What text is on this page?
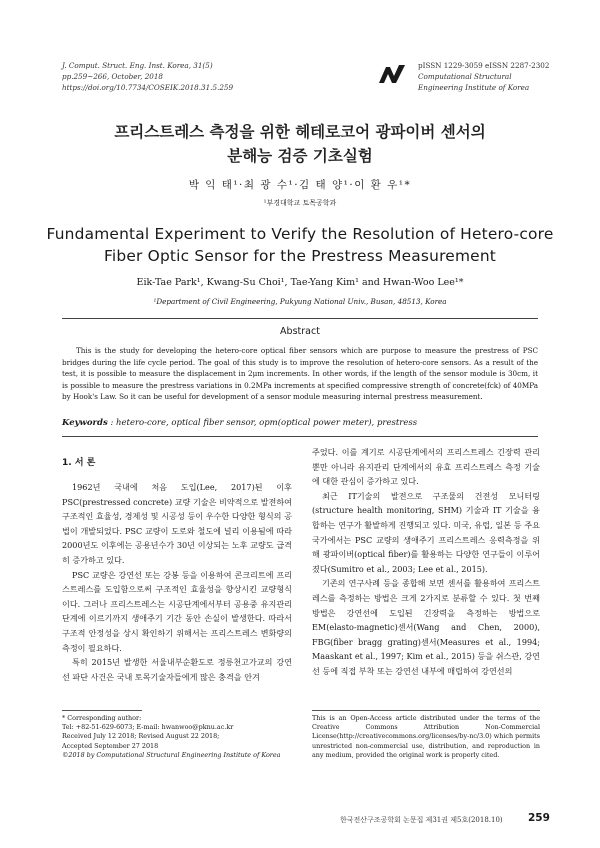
J. Comput. Struct. Eng. Inst. Korea, 31(5)
pp.259~266, October, 2018
https://doi.org/10.7734/COSEIK.2018.31.5.259
pISSN 1229-3059 eISSN 2287-2302
Computational Structural
Engineering Institute of Korea
프리스트레스 측정을 위한 헤테로코어 광파이버 센서의
분해능 검증 기초실험
박 익 태¹·최 광 수¹·김 태 양¹·이 환 우¹*
¹부경대학교 토목공학과
Fundamental Experiment to Verify the Resolution of Hetero-core
Fiber Optic Sensor for the Prestress Measurement
Eik-Tae Park¹, Kwang-Su Choi¹, Tae-Yang Kim¹ and Hwan-Woo Lee¹*
¹Department of Civil Engineering, Pukyung National Univ., Busan, 48513, Korea
Abstract
This is the study for developing the hetero-core optical fiber sensors which are purpose to measure the prestress of PSC bridges during the life cycle period. The goal of this study is to improve the resolution of hetero-core sensors. As a result of the test, it is possible to measure the displacement in 2μm increments. In other words, if the length of the sensor module is 30cm, it is possible to measure the prestress variations in 0.2MPa increments at specified compressive strength of concrete(fck) of 40MPa by Hook's Law. So it can be useful for development of a sensor module measuring internal prestress measurement.
Keywords : hetero-core, optical fiber sensor, opm(optical power meter), prestress
1. 서 론

1962년 국내에 처음 도입(Lee, 2017)된 이후 PSC(prestressed concrete) 교량 기술은 비약적으로 발전하여 구조적인 효율성, 경제성 및 시공성 등이 우수한 다양한 형식의 공법이 개발되었다. PSC 교량이 도로와 철도에 널리 이용됨에 따라 2000년도 이후에는 공용년수가 30년 이상되는 노후 교량도 급격히 증가하고 있다.

PSC 교량은 강연선 또는 강봉 등을 이용하여 콘크리트에 프리스트레스를 도입함으로써 구조적인 효율성을 향상시킨 교량형식이다. 그러나 프리스트레스는 시공단계에서부터 공용중 유지관리단계에 이르기까지 생애주기 기간 동안 손실이 발생한다. 따라서 구조적 안정성을 상시 확인하기 위해서는 프리스트레스 변화량의 측정이 필요하다.

특히 2015년 발생한 서울내부순환도로 정릉천고가교의 강연선 파단 사건은 국내 토목기술자들에게 많은 충격을 안겨

주었다. 이를 계기로 시공단계에서의 프리스트레스 긴장력 관리뿐만 아니라 유지관리 단계에서의 유효 프리스트레스 측정 기술에 대한 관심이 증가하고 있다.

최근 IT기술의 발전으로 구조물의 건전성 모니터링(structure health monitoring, SHM) 기술과 IT 기술을 융합하는 연구가 활발하게 진행되고 있다. 미국, 유럽, 일본 등 주요 국가에서는 PSC 교량의 생애주기 프리스트레스 응력측정을 위해 광파이버(optical fiber)를 활용하는 다양한 연구들이 이루어 졌다(Sumitro et al., 2003; Lee et al., 2015).

기존의 연구사례 등을 종합해 보면 센서를 활용하여 프리스트레스를 측정하는 방법은 크게 2가지로 분류할 수 있다. 첫 번째 방법은 강연선에 도입된 긴장력을 측정하는 방법으로 EM(elasto-magnetic)센서(Wang and Chen, 2000), FBG(fiber bragg grating)센서(Measures et al., 1994; Maaskant et al., 1997; Kim et al., 2015) 등을 쉬스관, 강연선 등에 직접 부착 또는 강연선 내부에 매립하여 강연선의

* Corresponding author:
Tel: +82-51-629-6073; E-mail: hwanwoo@pknu.ac.kr
Received July 12 2018; Revised August 22 2018;
Accepted September 27 2018
©2018 by Computational Structural Engineering Institute of Korea
This is an Open-Access article distributed under the terms of the Creative Commons Attribution Non-Commercial License(http://creativecommons.org/licenses/by-nc/3.0) which permits unrestricted non-commercial use, distribution, and reproduction in any medium, provided the original work is properly cited.
한국전산구조공학회 논문집 제31권 제5호(2018.10) 259
